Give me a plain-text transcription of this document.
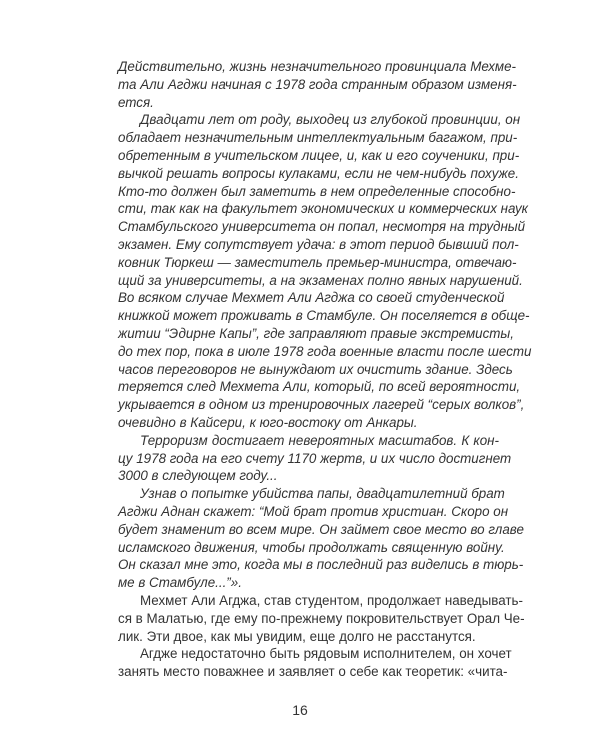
Действительно, жизнь незначительного провинциала Мехме-
та Али Агджи начиная с 1978 года странным образом изменя-
ется.
Двадцати лет от роду, выходец из глубокой провинции, он
обладает незначительным интеллектуальным багажом, при-
обретенным в учительском лицее, и, как и его соученики, при-
вычкой решать вопросы кулаками, если не чем-нибудь похуже.
Кто-то должен был заметить в нем определенные способно-
сти, так как на факультет экономических и коммерческих наук
Стамбульского университета он попал, несмотря на трудный
экзамен. Ему сопутствует удача: в этот период бывший пол-
ковник Тюркеш — заместитель премьер-министра, отвечаю-
щий за университеты, а на экзаменах полно явных нарушений.
Во всяком случае Мехмет Али Агджа со своей студенческой
книжкой может проживать в Стамбуле. Он поселяется в обще-
житии “Эдирне Капы”, где заправляют правые экстремисты,
до тех пор, пока в июле 1978 года военные власти после шести
часов переговоров не вынуждают их очистить здание. Здесь
теряется след Мехмета Али, который, по всей вероятности,
укрывается в одном из тренировочных лагерей “серых волков”,
очевидно в Кайсери, к юго-востоку от Анкары.
Терроризм достигает невероятных масштабов. К кон-
цу 1978 года на его счету 1170 жертв, и их число достигнет
3000 в следующем году...
Узнав о попытке убийства папы, двадцатилетний брат
Агджи Аднан скажет: “Мой брат против христиан. Скоро он
будет знаменит во всем мире. Он займет свое место во главе
исламского движения, чтобы продолжать священную войну.
Он сказал мне это, когда мы в последний раз виделись в тюрь-
ме в Стамбуле...”».
Мехмет Али Агджа, став студентом, продолжает наведывать-
ся в Малатью, где ему по-прежнему покровительствует Орал Че-
лик. Эти двое, как мы увидим, еще долго не расстанутся.
Агдже недостаточно быть рядовым исполнителем, он хочет
занять место поважнее и заявляет о себе как теоретик: «чита-
16
